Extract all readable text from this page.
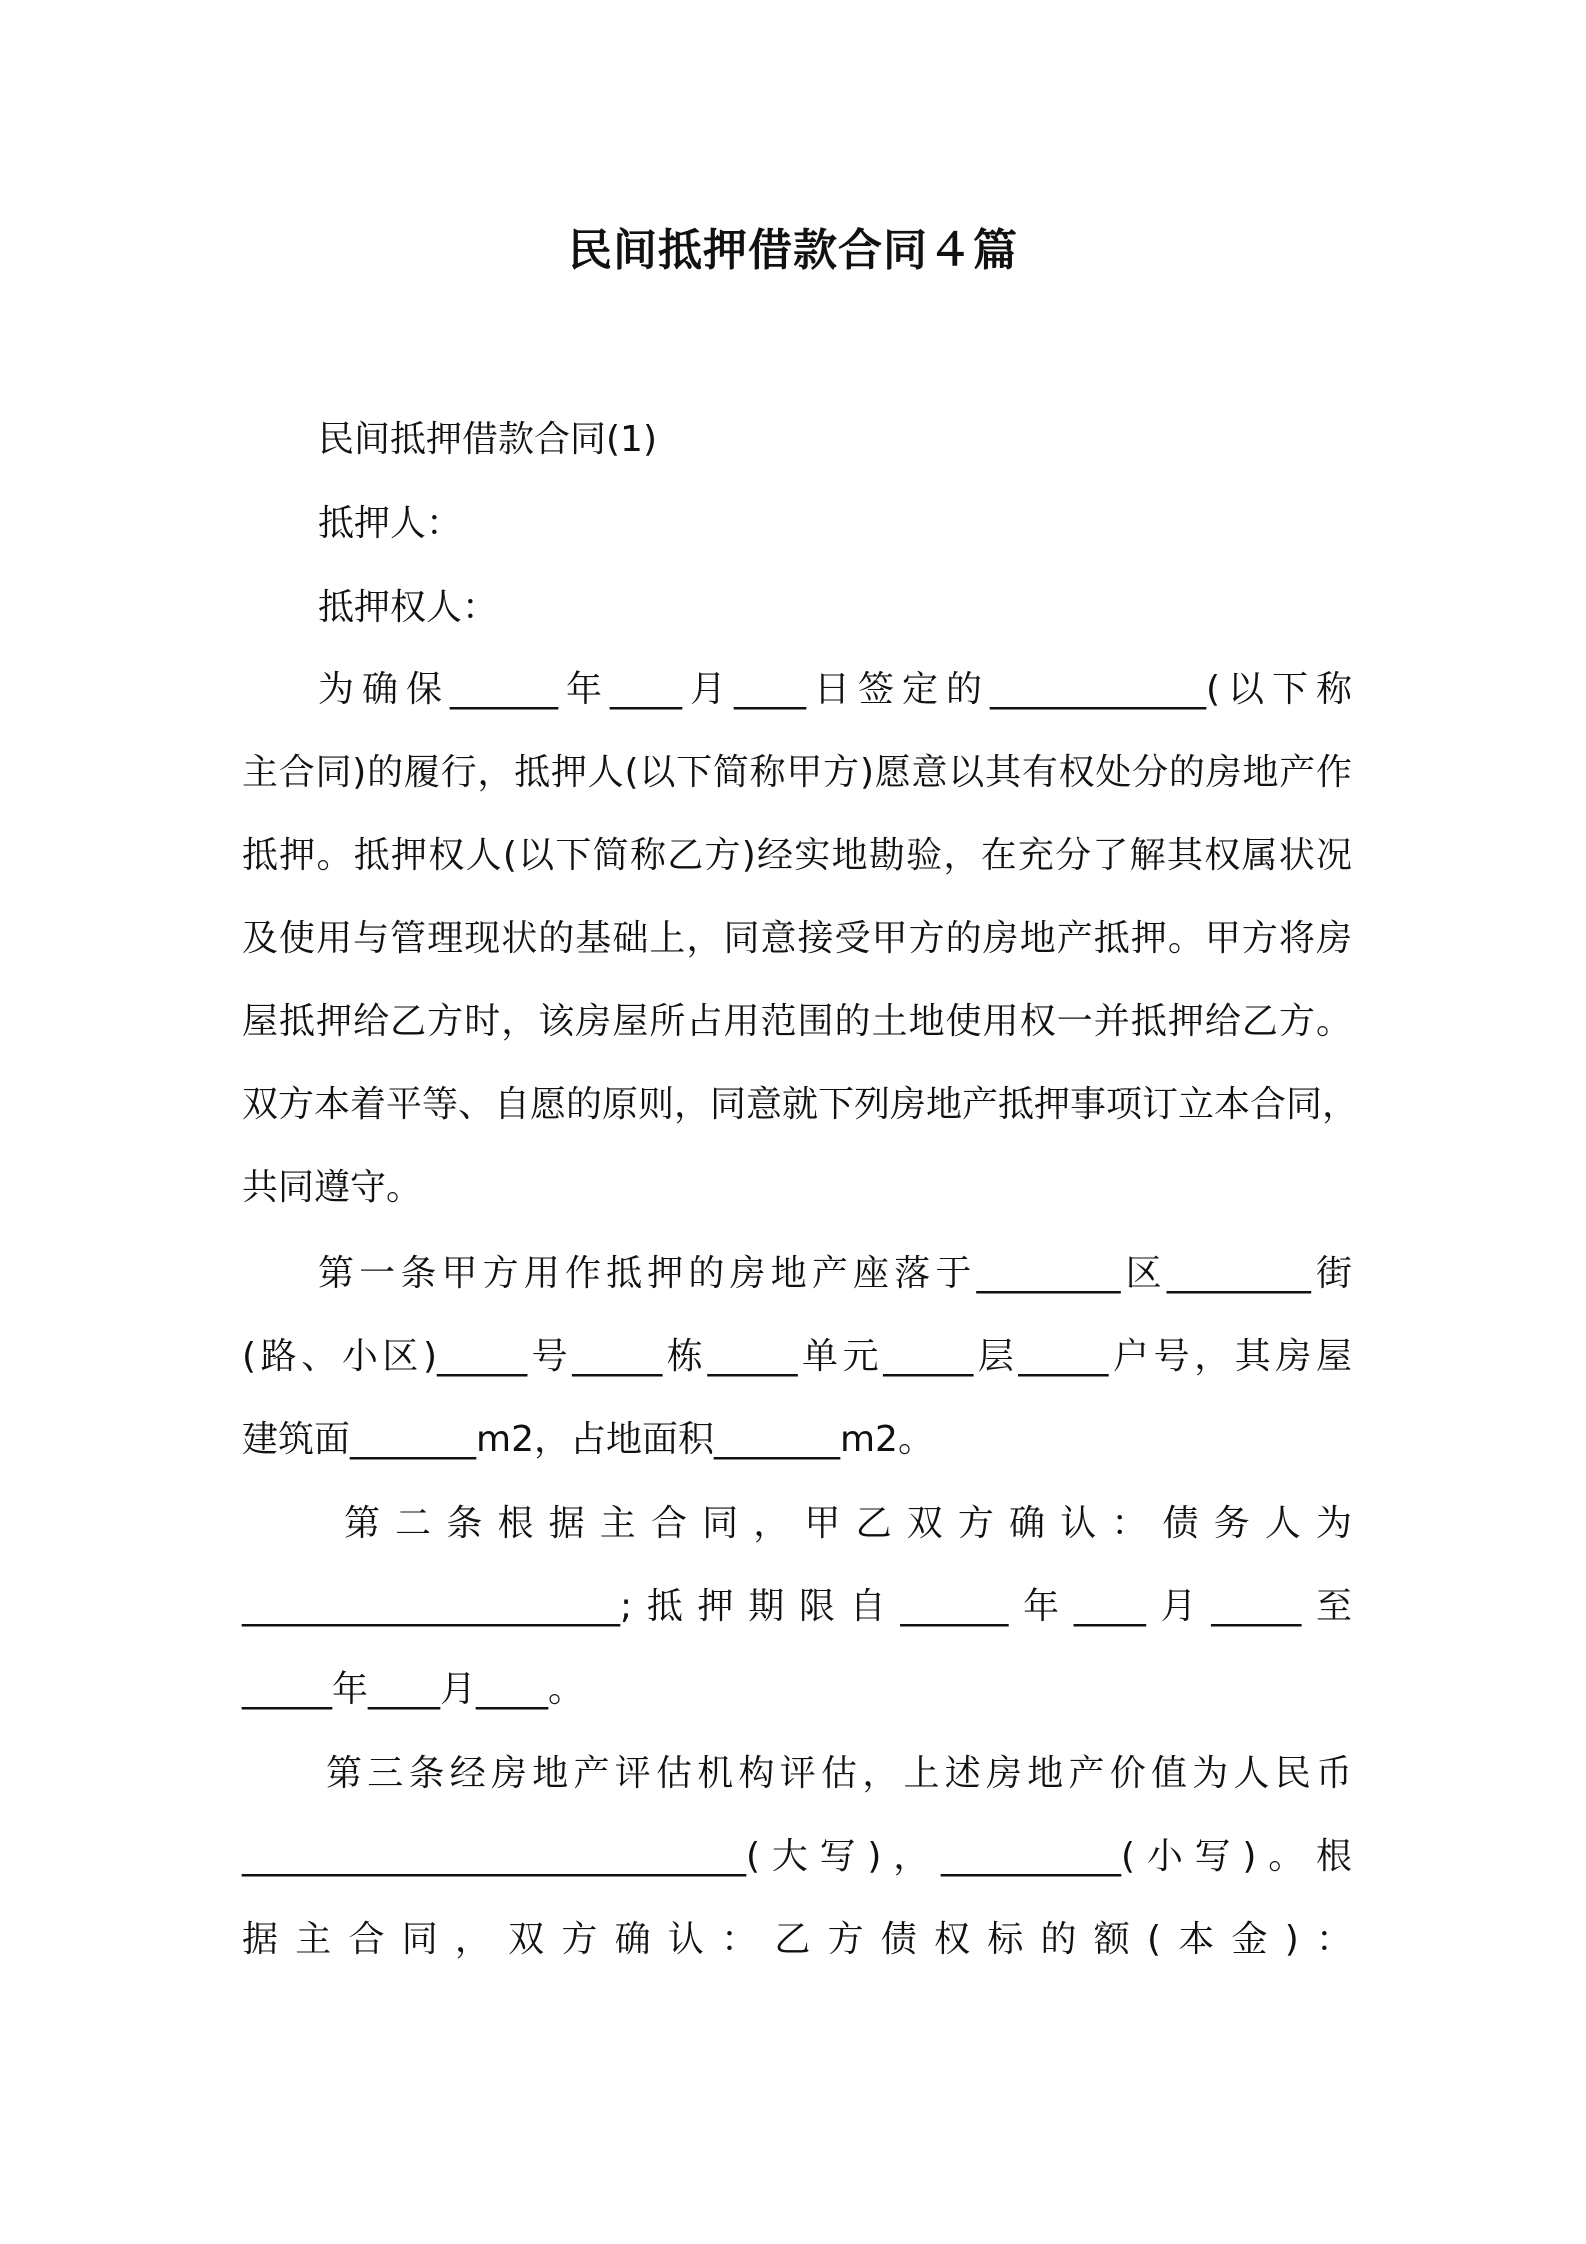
民间抵押借款合同４篇
民间抵押借款合同(1)
抵押人：
抵押权人：
为确保______年____月____日签定的____________(以下称
主合同)的履行，抵押人(以下简称甲方)愿意以其有权处分的房地产作
抵押。抵押权人(以下简称乙方)经实地勘验，在充分了解其权属状况
及使用与管理现状的基础上，同意接受甲方的房地产抵押。甲方将房
屋抵押给乙方时，该房屋所占用范围的土地使用权一并抵押给乙方。
双方本着平等、自愿的原则，同意就下列房地产抵押事项订立本合同，
共同遵守。
第一条甲方用作抵押的房地产座落于________区________街
(路、小区)_____号_____栋_____单元_____层_____户号，其房屋
建筑面_______m2，占地面积_______m2。
第二条根据主合同，甲乙双方确认：债务人为
_____________________;抵押期限自______年____月_____至
_____年____月____。
第三条经房地产评估机构评估，上述房地产价值为人民币
____________________________(大写)，__________(小写)。根
据主合同，双方确认：乙方债权标的额(本金)：
